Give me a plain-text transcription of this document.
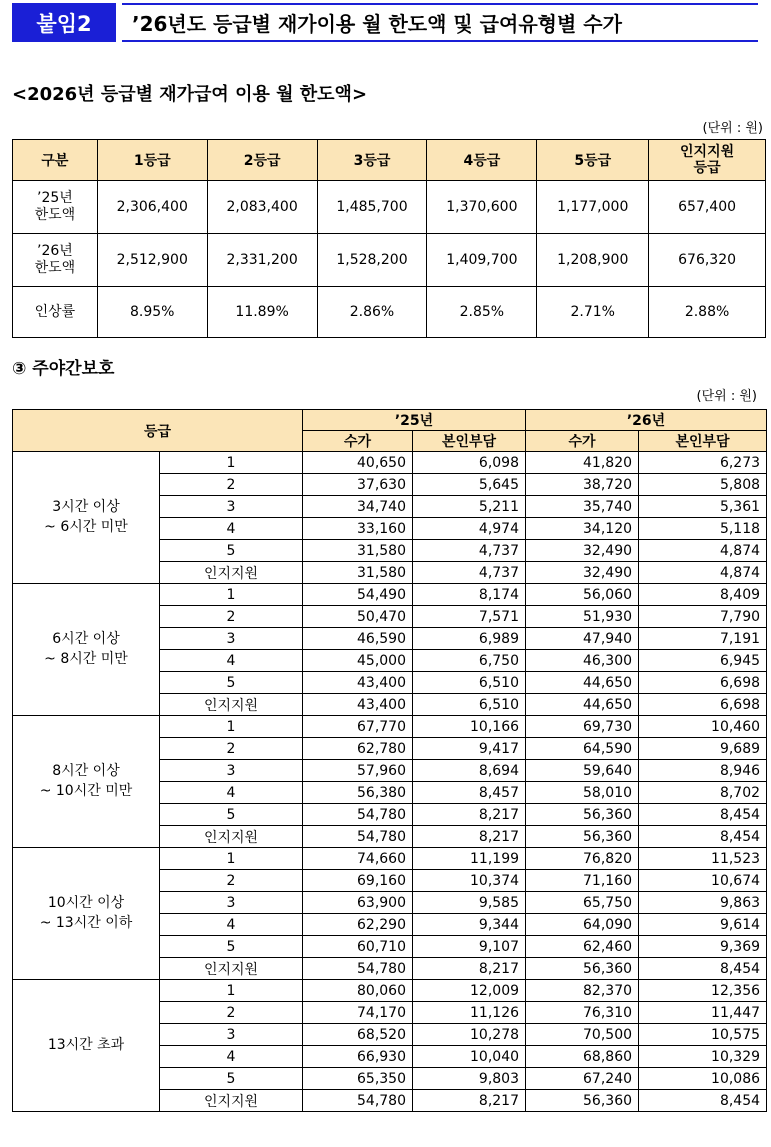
붙임2	’26년도 등급별 재가이용 월 한도액 및 급여유형별 수가
<2026년 등급별 재가급여 이용 월 한도액>
(단위 : 원)
구분	1등급	2등급	3등급	4등급	5등급	인지지원
등급
’25년
한도액	2,306,400	2,083,400	1,485,700	1,370,600	1,177,000	657,400
’26년
한도액	2,512,900	2,331,200	1,528,200	1,409,700	1,208,900	676,320
인상률	8.95%	11.89%	2.86%	2.85%	2.71%	2.88%
③ 주야간보호
(단위 : 원)
등급		’25년		’26년	
		수가	본인부담	수가	본인부담
3시간 이상
~ 6시간 미만	1	40,650	6,098	41,820	6,273
	2	37,630	5,645	38,720	5,808
	3	34,740	5,211	35,740	5,361
	4	33,160	4,974	34,120	5,118
	5	31,580	4,737	32,490	4,874
	인지지원	31,580	4,737	32,490	4,874
6시간 이상
~ 8시간 미만	1	54,490	8,174	56,060	8,409
	2	50,470	7,571	51,930	7,790
	3	46,590	6,989	47,940	7,191
	4	45,000	6,750	46,300	6,945
	5	43,400	6,510	44,650	6,698
	인지지원	43,400	6,510	44,650	6,698
8시간 이상
~ 10시간 미만	1	67,770	10,166	69,730	10,460
	2	62,780	9,417	64,590	9,689
	3	57,960	8,694	59,640	8,946
	4	56,380	8,457	58,010	8,702
	5	54,780	8,217	56,360	8,454
	인지지원	54,780	8,217	56,360	8,454
10시간 이상
~ 13시간 이하	1	74,660	11,199	76,820	11,523
	2	69,160	10,374	71,160	10,674
	3	63,900	9,585	65,750	9,863
	4	62,290	9,344	64,090	9,614
	5	60,710	9,107	62,460	9,369
	인지지원	54,780	8,217	56,360	8,454
13시간 초과	1	80,060	12,009	82,370	12,356
	2	74,170	11,126	76,310	11,447
	3	68,520	10,278	70,500	10,575
	4	66,930	10,040	68,860	10,329
	5	65,350	9,803	67,240	10,086
	인지지원	54,780	8,217	56,360	8,454
